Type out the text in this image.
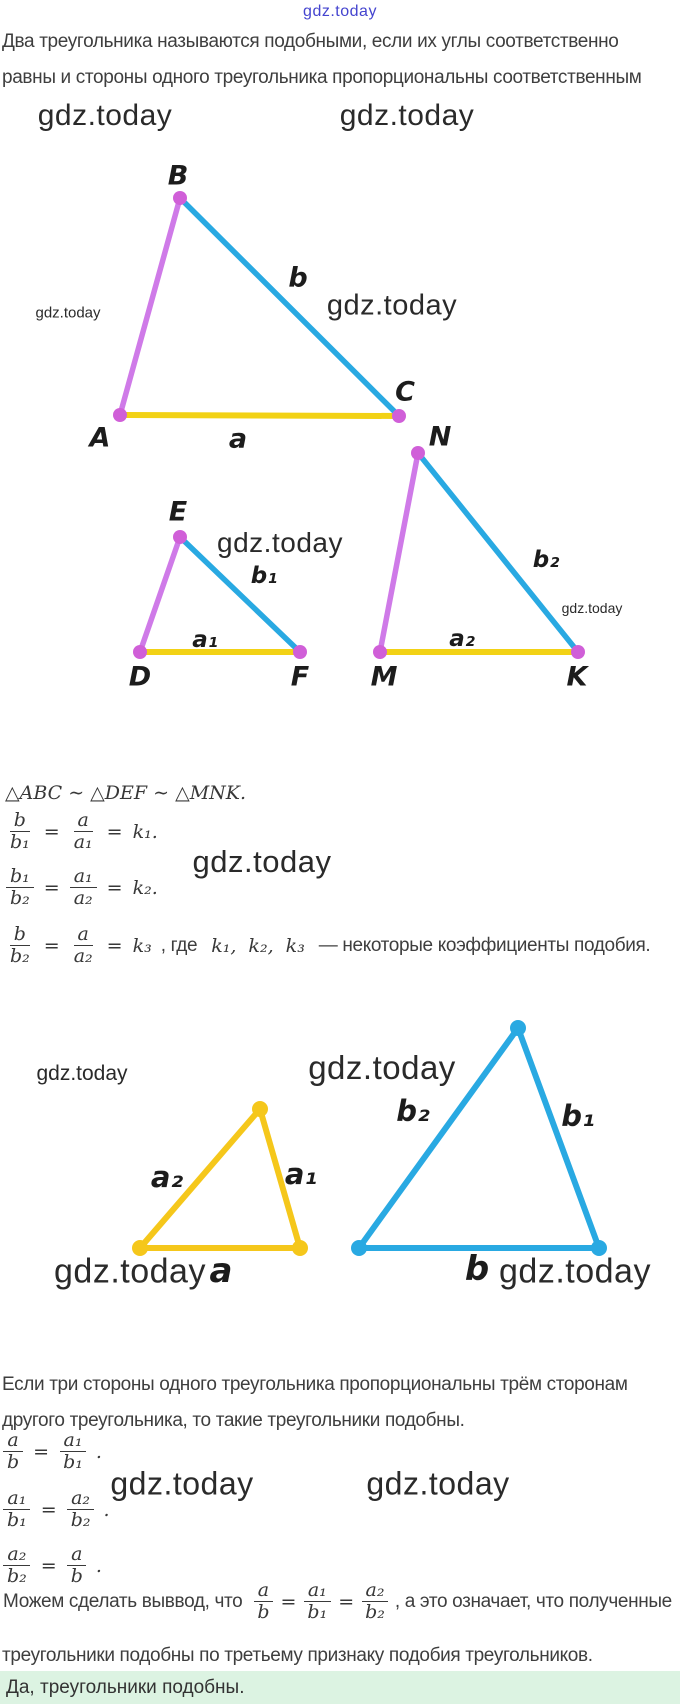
gdz.today
Два треугольника называются подобными, если их углы соответственно
равны и стороны одного треугольника пропорциональны соответственным
gdz.today	gdz.today
gdz.today	gdz.today
gdz.today
gdz.today
A
B
C
a
b
E
D	F
a₁
b₁
N
M	K
a₂
b₂
△ABC ∼ △DEF ∼ △MNK.
$\frac{b}{\text{b₁}} = \frac{a}{\text{a₁}} = k_1$.
$\frac{\text{b₁}}{\text{b₂}} = \frac{\text{a₁}}{\text{a₂}} = k_2$.
$\frac{b}{\text{b₂}} = \frac{a}{\text{a₂}} = k_3$ , где k₁,  k₂,  k₃ — некоторые коэффициенты подобия.
gdz.today
gdz.today	gdz.today
gdz.today	gdz.today
a₂	a₁
a
b₂	b₁
b
Если три стороны одного треугольника пропорциональны трём сторонам
другого треугольника, то такие треугольники подобны.
$\frac{a}{b} = \frac{\text{a₁}}{\text{b₁}}$ .
gdz.today	gdz.today
$\frac{\text{a₁}}{\text{b₁}} = \frac{\text{a₂}}{\text{b₂}}$ .
$\frac{\text{a₂}}{\text{b₂}} = \frac{a}{b}$ .
Можем сделать выввод, что $\frac{a}{b} = \frac{\text{a₁}}{\text{b₁}} = \frac{\text{a₂}}{\text{b₂}}$ , а это означает, что полученные
треугольники подобны по третьему признаку подобия треугольников.
Да, треугольники подобны.
